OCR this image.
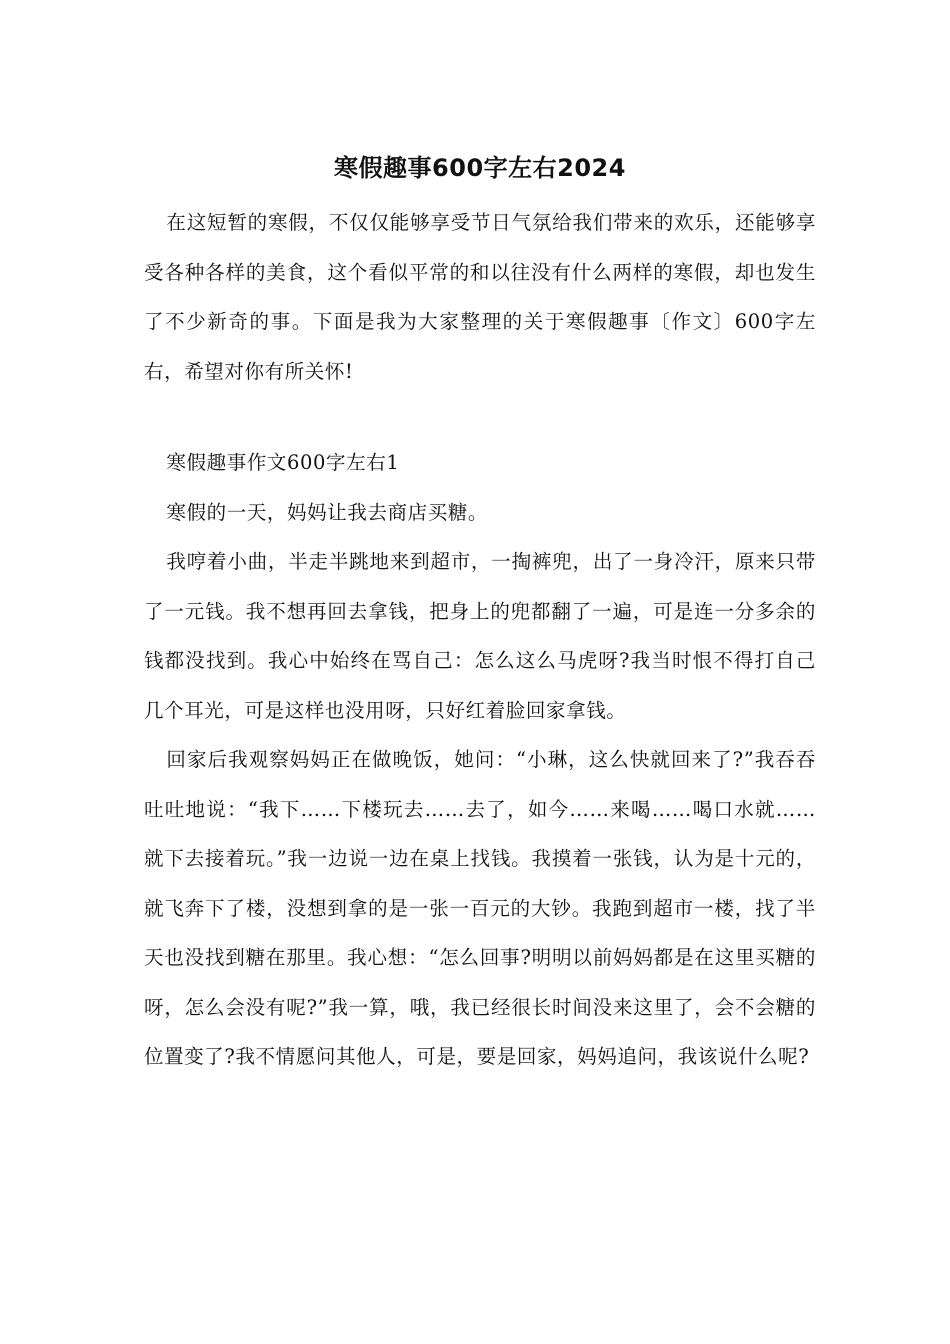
寒假趣事600字左右2024

在这短暂的寒假，不仅仅能够享受节日气氛给我们带来的欢乐，还能够享受各种各样的美食，这个看似平常的和以往没有什么两样的寒假，却也发生了不少新奇的事。下面是我为大家整理的关于寒假趣事〔作文〕600字左右，希望对你有所关怀!

寒假趣事作文600字左右1

寒假的一天，妈妈让我去商店买糖。

我哼着小曲，半走半跳地来到超市，一掏裤兜，出了一身冷汗，原来只带了一元钱。我不想再回去拿钱，把身上的兜都翻了一遍，可是连一分多余的钱都没找到。我心中始终在骂自己：怎么这么马虎呀?我当时恨不得打自己几个耳光，可是这样也没用呀，只好红着脸回家拿钱。

回家后我观察妈妈正在做晚饭，她问：“小琳，这么快就回来了?”我吞吞吐吐地说：“我下……下楼玩去……去了，如今……来喝……喝口水就……就下去接着玩。”我一边说一边在桌上找钱。我摸着一张钱，认为是十元的，就飞奔下了楼，没想到拿的是一张一百元的大钞。我跑到超市一楼，找了半天也没找到糖在那里。我心想：“怎么回事?明明以前妈妈都是在这里买糖的呀，怎么会没有呢?”我一算，哦，我已经很长时间没来这里了，会不会糖的位置变了?我不情愿问其他人，可是，要是回家，妈妈追问，我该说什么呢?
